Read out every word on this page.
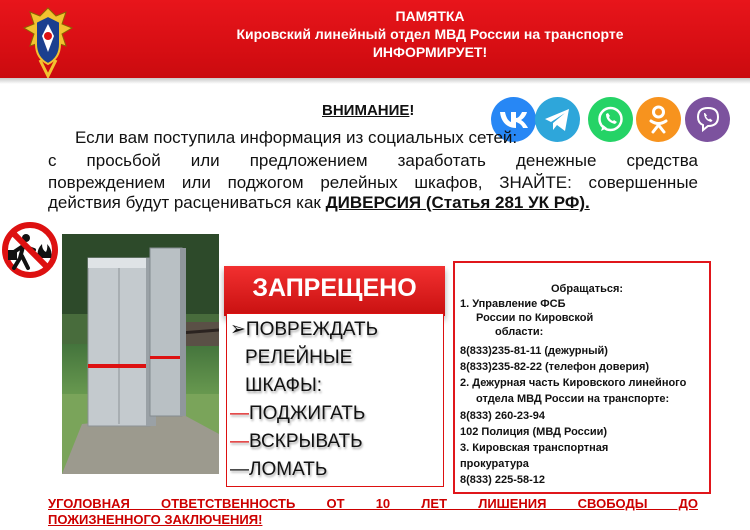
ПАМЯТКА
Кировский линейный отдел МВД России на транспорте
ИНФОРМИРУЕТ!
ВНИМАНИЕ!
Если вам поступила информация из социальных сетей:
с просьбой или предложением заработать денежные средства
повреждением или поджогом релейных шкафов, ЗНАЙТЕ: совершенные
действия будут расцениваться как ДИВЕРСИЯ (Статья 281 УК РФ).
ЗАПРЕЩЕНО
➢ПОВРЕЖДАТЬ
РЕЛЕЙНЫЕ
ШКАФЫ:
—ПОДЖИГАТЬ
—ВСКРЫВАТЬ
—ЛОМАТЬ
Обращаться:
1. Управление ФСБ
России по Кировской
области:
8(833)235-81-11 (дежурный)
8(833)235-82-22 (телефон доверия)
2. Дежурная часть Кировского линейного
отдела МВД России на транспорте:
8(833) 260-23-94
102 Полиция (МВД России)
3. Кировская транспортная
прокуратура
8(833) 225-58-12
УГОЛОВНАЯ ОТВЕТСТВЕННОСТЬ ОТ 10 ЛЕТ ЛИШЕНИЯ СВОБОДЫ ДО
ПОЖИЗНЕННОГО ЗАКЛЮЧЕНИЯ!
